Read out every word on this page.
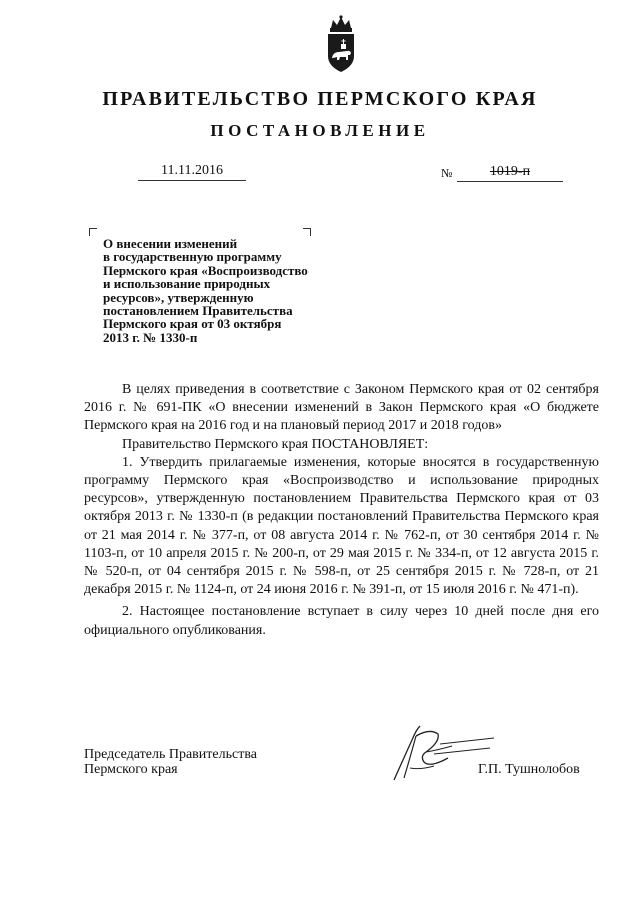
ПРАВИТЕЛЬСТВО ПЕРМСКОГО КРАЯ
ПОСТАНОВЛЕНИЕ
11.11.2016	№	1019-п
О внесении изменений
в государственную программу
Пермского края «Воспроизводство
и использование природных
ресурсов», утвержденную
постановлением Правительства
Пермского края от 03 октября
2013 г. № 1330-п

В целях приведения в соответствие с Законом Пермского края от 02 сентября 2016 г. № 691-ПК «О внесении изменений в Закон Пермского края «О бюджете Пермского края на 2016 год и на плановый период 2017 и 2018 годов»

Правительство Пермского края ПОСТАНОВЛЯЕТ:

1. Утвердить прилагаемые изменения, которые вносятся в государственную программу Пермского края «Воспроизводство и использование природных ресурсов», утвержденную постановлением Правительства Пермского края от 03 октября 2013 г. № 1330-п (в редакции постановлений Правительства Пермского края от 21 мая 2014 г. № 377-п, от 08 августа 2014 г. № 762-п, от 30 сентября 2014 г. № 1103-п, от 10 апреля 2015 г. № 200-п, от 29 мая 2015 г. № 334-п, от 12 августа 2015 г. № 520-п, от 04 сентября 2015 г. № 598-п, от 25 сентября 2015 г. № 728-п, от 21 декабря 2015 г. № 1124-п, от 24 июня 2016 г. № 391-п, от 15 июля 2016 г. № 471-п).

2. Настоящее постановление вступает в силу через 10 дней после дня его официального опубликования.

Председатель Правительства
Пермского края	Г.П. Тушнолобов
